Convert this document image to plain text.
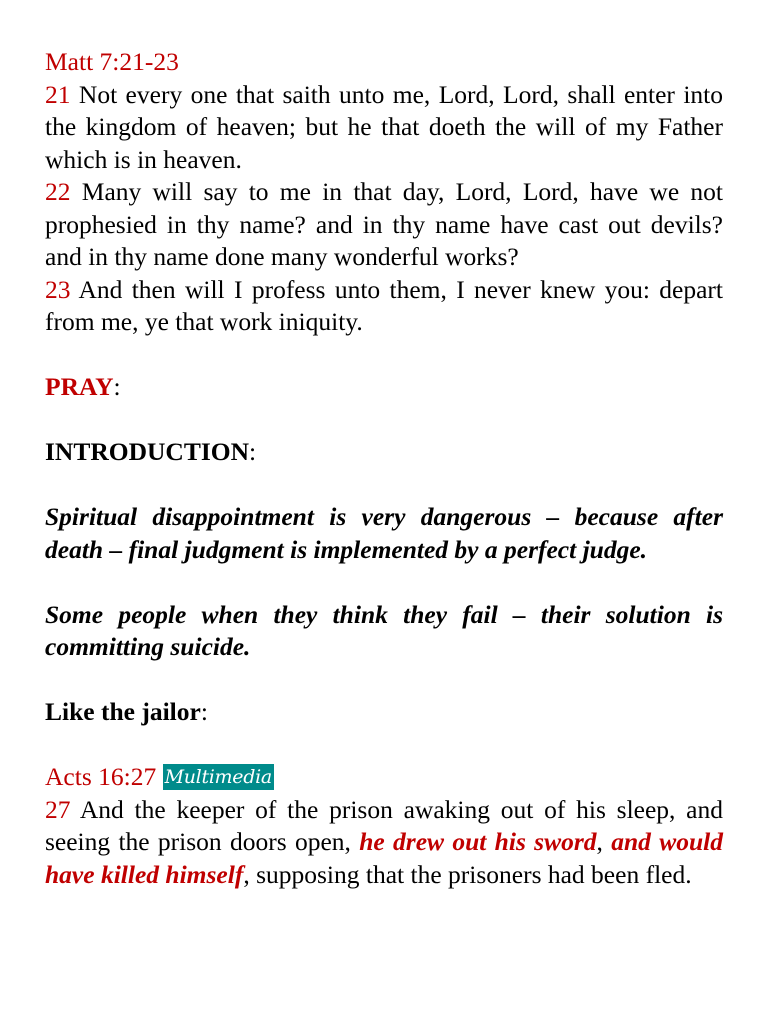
Matt 7:21-23

21 Not every one that saith unto me, Lord, Lord, shall enter into the kingdom of heaven; but he that doeth the will of my Father which is in heaven.

22 Many will say to me in that day, Lord, Lord, have we not prophesied in thy name? and in thy name have cast out devils? and in thy name done many wonderful works?

23 And then will I profess unto them, I never knew you: depart from me, ye that work iniquity.

PRAY:

INTRODUCTION:

Spiritual disappointment is very dangerous – because after death – final judgment is implemented by a perfect judge.

Some people when they think they fail – their solution is committing suicide.

Like the jailor:

Acts 16:27 Multimedia

27 And the keeper of the prison awaking out of his sleep, and seeing the prison doors open, he drew out his sword, and would have killed himself, supposing that the prisoners had been fled.
